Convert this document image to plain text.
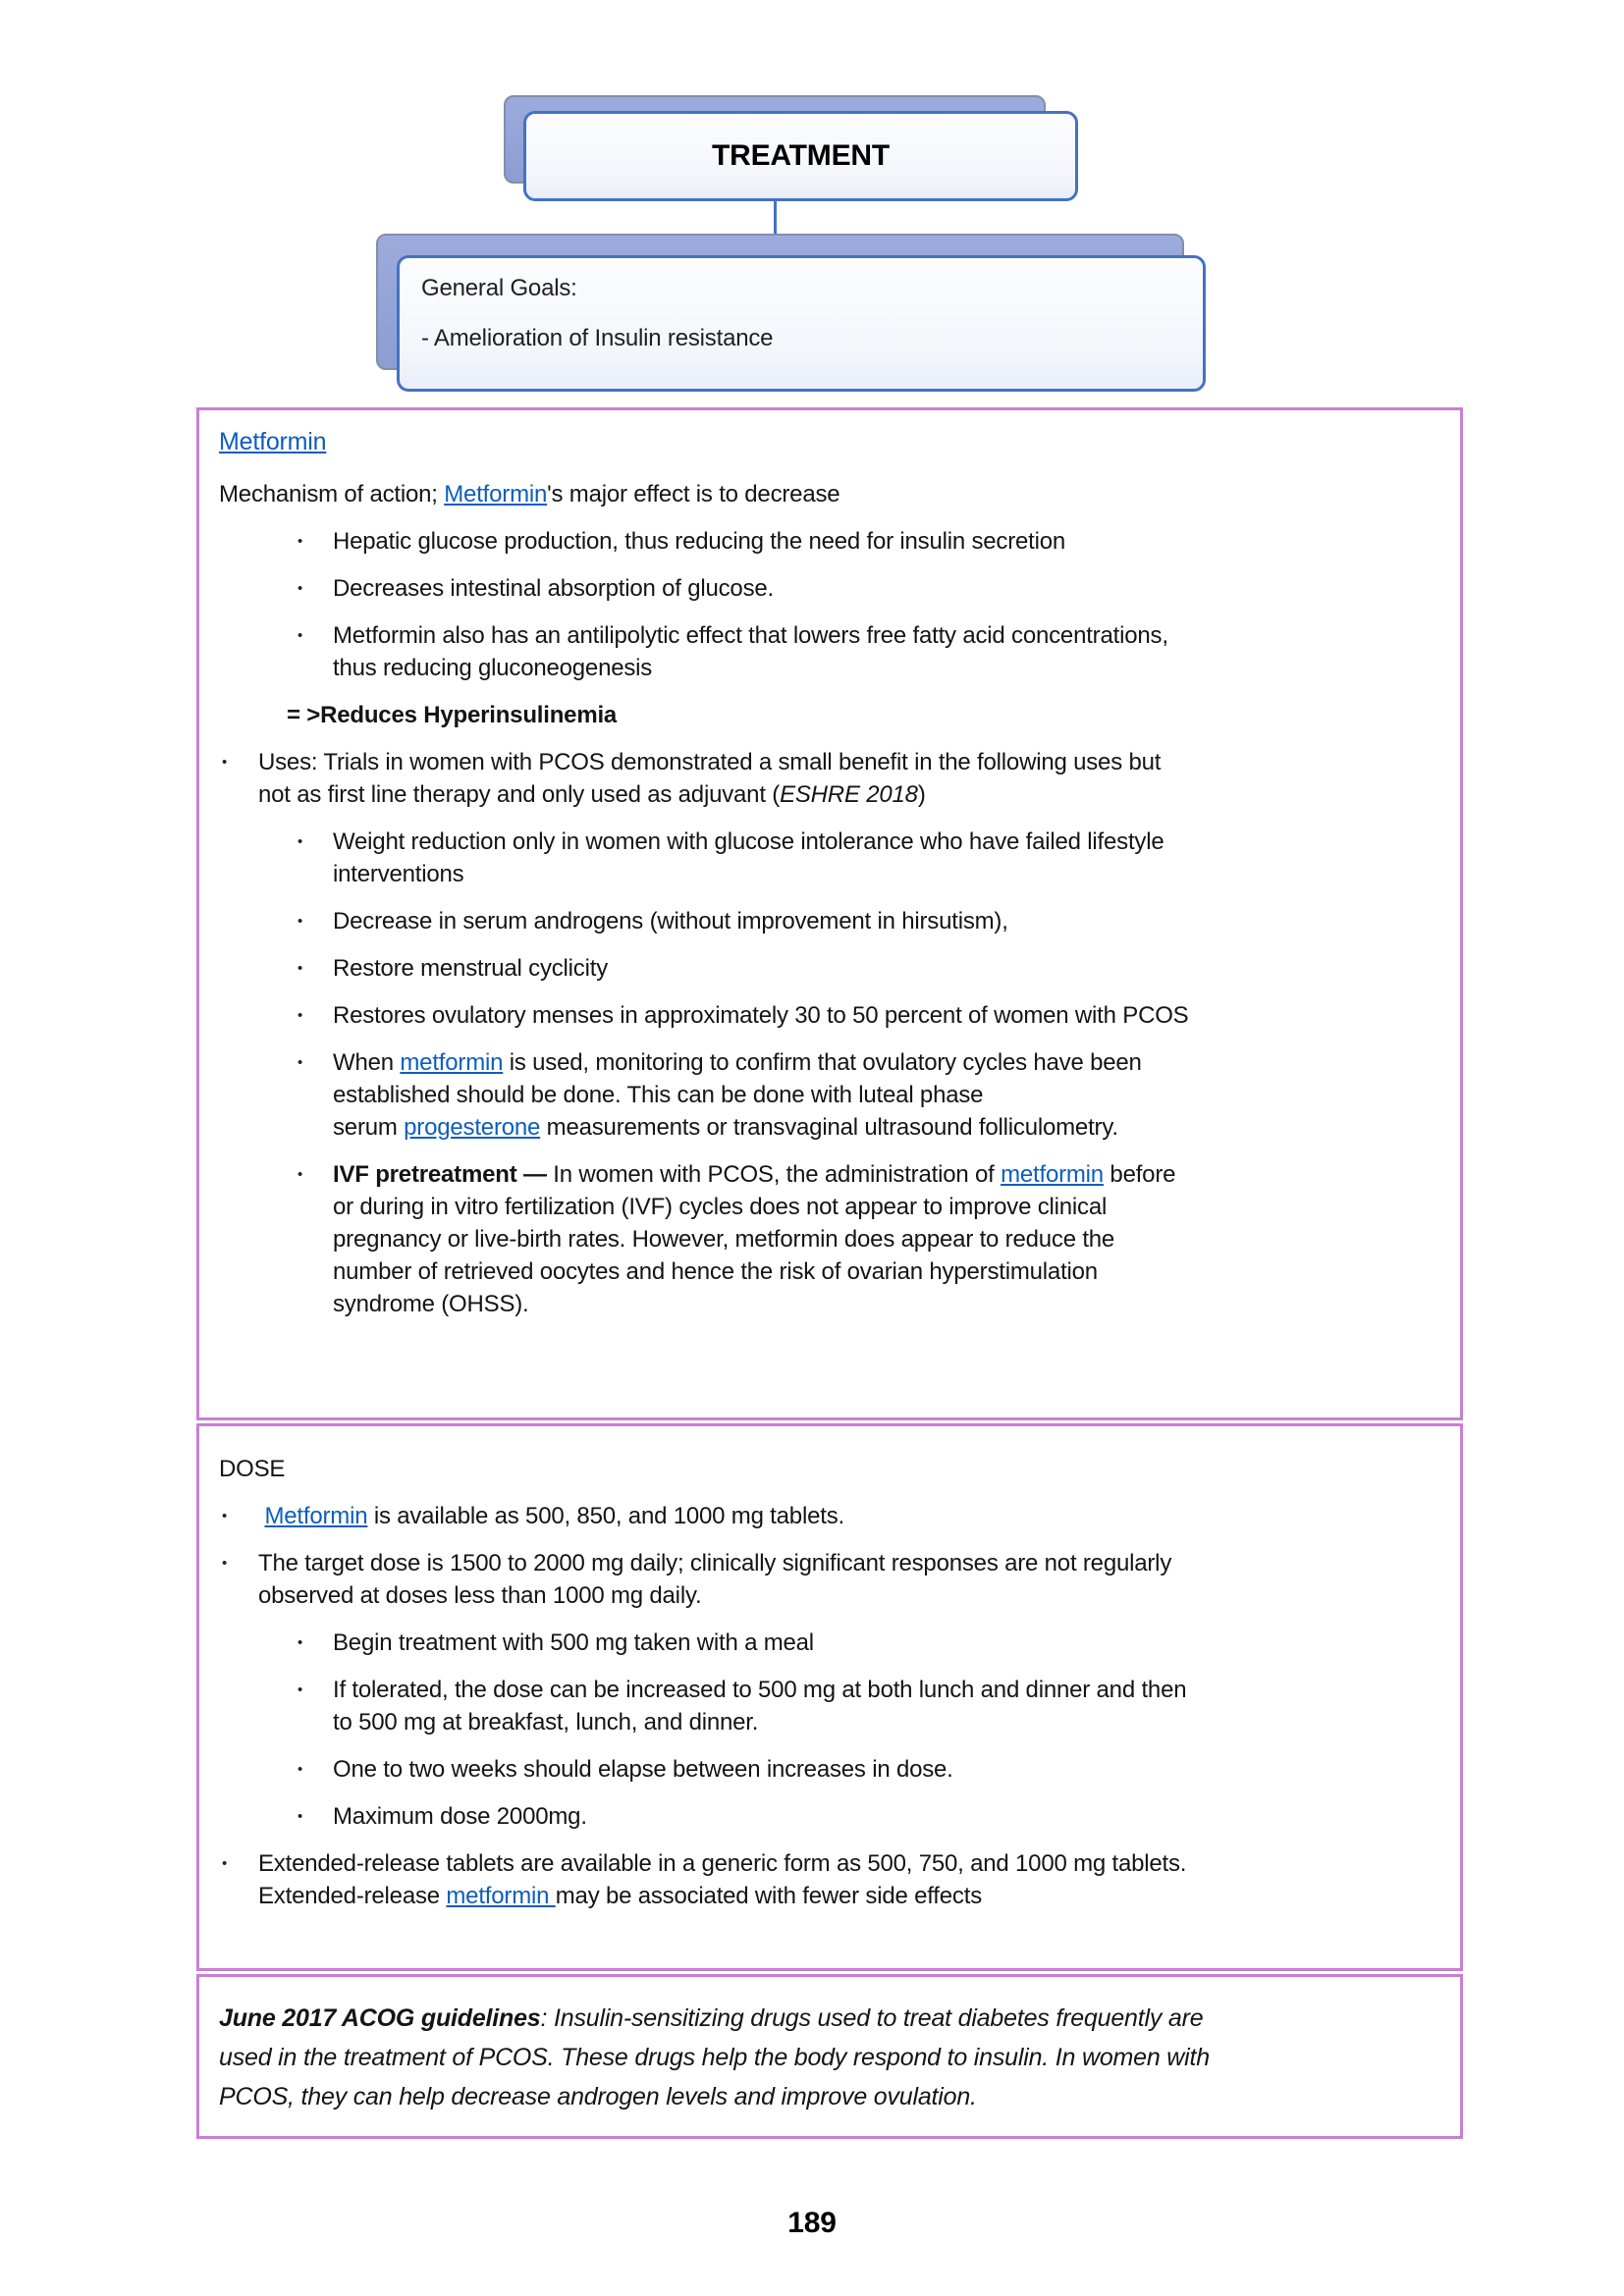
TREATMENT
General Goals:
- Amelioration of Insulin resistance
Metformin
Mechanism of action; Metformin's major effect is to decrease
•	Hepatic glucose production, thus reducing the need for insulin secretion
•	Decreases intestinal absorption of glucose.
•	Metformin also has an antilipolytic effect that lowers free fatty acid concentrations,
thus reducing gluconeogenesis
= >Reduces Hyperinsulinemia
•	Uses: Trials in women with PCOS demonstrated a small benefit in the following uses but
not as first line therapy and only used as adjuvant (ESHRE 2018)
•	Weight reduction only in women with glucose intolerance who have failed lifestyle
interventions
•	Decrease in serum androgens (without improvement in hirsutism),
•	Restore menstrual cyclicity
•	Restores ovulatory menses in approximately 30 to 50 percent of women with PCOS
•	When metformin is used, monitoring to confirm that ovulatory cycles have been
established should be done. This can be done with luteal phase
serum progesterone measurements or transvaginal ultrasound folliculometry.
•	IVF pretreatment — In women with PCOS, the administration of metformin before
or during in vitro fertilization (IVF) cycles does not appear to improve clinical
pregnancy or live-birth rates. However, metformin does appear to reduce the
number of retrieved oocytes and hence the risk of ovarian hyperstimulation
syndrome (OHSS).
DOSE
•	Metformin is available as 500, 850, and 1000 mg tablets.
•	The target dose is 1500 to 2000 mg daily; clinically significant responses are not regularly
observed at doses less than 1000 mg daily.
•	Begin treatment with 500 mg taken with a meal
•	If tolerated, the dose can be increased to 500 mg at both lunch and dinner and then
to 500 mg at breakfast, lunch, and dinner.
•	One to two weeks should elapse between increases in dose.
•	Maximum dose 2000mg.
•	Extended-release tablets are available in a generic form as 500, 750, and 1000 mg tablets.
Extended-release metformin may be associated with fewer side effects
June 2017 ACOG guidelines: Insulin-sensitizing drugs used to treat diabetes frequently are
used in the treatment of PCOS. These drugs help the body respond to insulin. In women with
PCOS, they can help decrease androgen levels and improve ovulation.
189
